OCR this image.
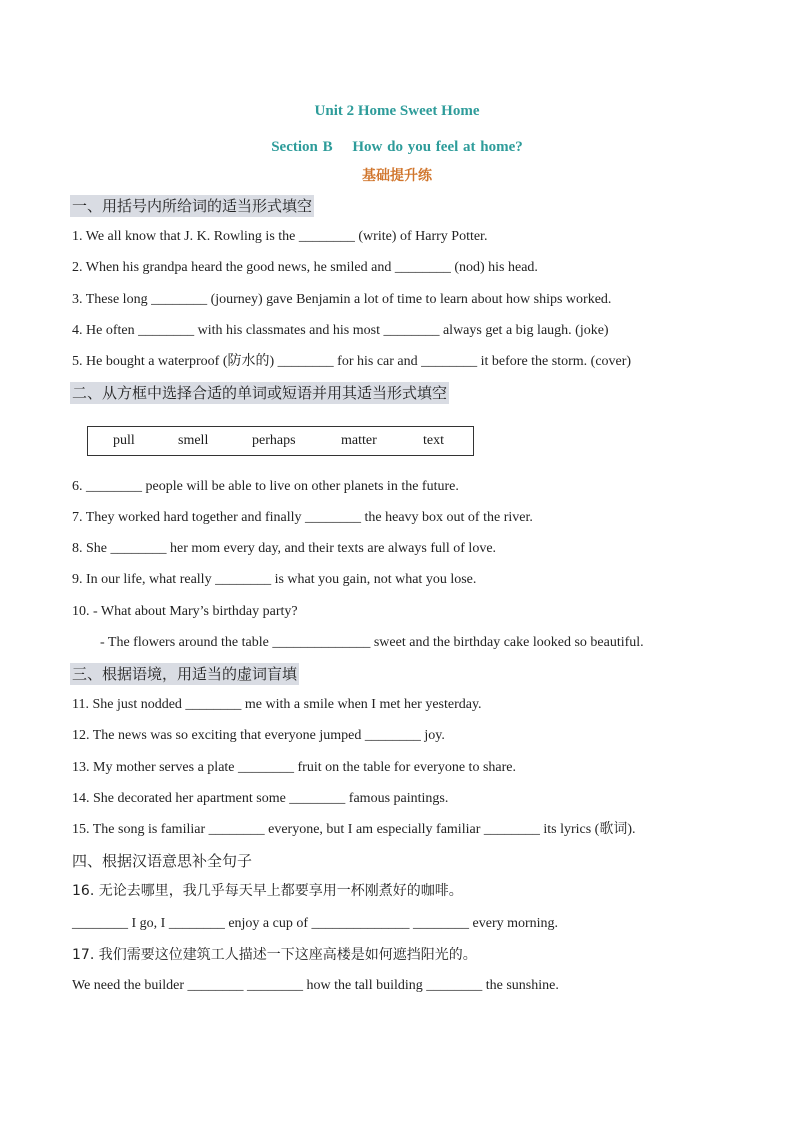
Unit 2 Home Sweet Home
Section B　 How do you feel at home?
基础提升练
一、用括号内所给词的适当形式填空
1. We all know that J. K. Rowling is the ________ (write) of Harry Potter.
2. When his grandpa heard the good news, he smiled and ________ (nod) his head.
3. These long ________ (journey) gave Benjamin a lot of time to learn about how ships worked.
4. He often ________ with his classmates and his most ________ always get a big laugh. (joke)
5. He bought a waterproof (防水的) ________ for his car and ________ it before the storm. (cover)
二、从方框中选择合适的单词或短语并用其适当形式填空
pull	smell	perhaps	matter	text
6. ________ people will be able to live on other planets in the future.
7. They worked hard together and finally ________ the heavy box out of the river.
8. She ________ her mom every day, and their texts are always full of love.
9. In our life, what really ________ is what you gain, not what you lose.
10. - What about Mary’s birthday party?
- The flowers around the table ______________ sweet and the birthday cake looked so beautiful.
三、根据语境，用适当的虚词盲填
11. She just nodded ________ me with a smile when I met her yesterday.
12. The news was so exciting that everyone jumped ________ joy.
13. My mother serves a plate ________ fruit on the table for everyone to share.
14. She decorated her apartment some ________ famous paintings.
15. The song is familiar ________ everyone, but I am especially familiar ________ its lyrics (歌词).
四、根据汉语意思补全句子
16. 无论去哪里，我几乎每天早上都要享用一杯刚煮好的咖啡。
________ I go, I ________ enjoy a cup of ______________ ________ every morning.
17. 我们需要这位建筑工人描述一下这座高楼是如何遮挡阳光的。
We need the builder ________ ________ how the tall building ________ the sunshine.
